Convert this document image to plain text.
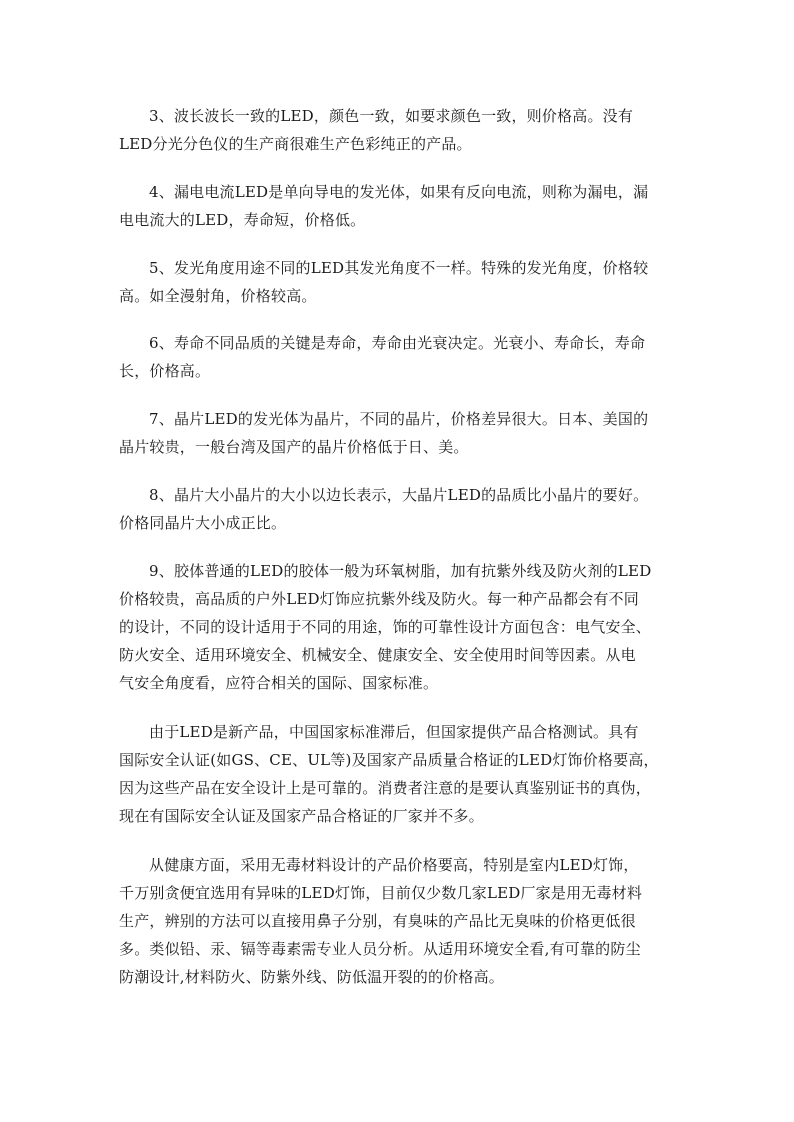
3、波长波长一致的LED，颜色一致，如要求颜色一致，则价格高。没有
LED分光分色仪的生产商很难生产色彩纯正的产品。
4、漏电电流LED是单向导电的发光体，如果有反向电流，则称为漏电，漏
电电流大的LED，寿命短，价格低。
5、发光角度用途不同的LED其发光角度不一样。特殊的发光角度，价格较
高。如全漫射角，价格较高。
6、寿命不同品质的关键是寿命，寿命由光衰决定。光衰小、寿命长，寿命
长，价格高。
7、晶片LED的发光体为晶片，不同的晶片，价格差异很大。日本、美国的
晶片较贵，一般台湾及国产的晶片价格低于日、美。
8、晶片大小晶片的大小以边长表示，大晶片LED的品质比小晶片的要好。
价格同晶片大小成正比。
9、胶体普通的LED的胶体一般为环氧树脂，加有抗紫外线及防火剂的LED
价格较贵，高品质的户外LED灯饰应抗紫外线及防火。每一种产品都会有不同
的设计，不同的设计适用于不同的用途，饰的可靠性设计方面包含：电气安全、
防火安全、适用环境安全、机械安全、健康安全、安全使用时间等因素。从电
气安全角度看，应符合相关的国际、国家标准。
由于LED是新产品，中国国家标准滞后，但国家提供产品合格测试。具有
国际安全认证(如GS、CE、UL等)及国家产品质量合格证的LED灯饰价格要高，
因为这些产品在安全设计上是可靠的。消费者注意的是要认真鉴别证书的真伪，
现在有国际安全认证及国家产品合格证的厂家并不多。
从健康方面，采用无毒材料设计的产品价格要高，特别是室内LED灯饰，
千万别贪便宜选用有异味的LED灯饰，目前仅少数几家LED厂家是用无毒材料
生产，辨别的方法可以直接用鼻子分别，有臭味的产品比无臭味的价格更低很
多。类似铅、汞、镉等毒素需专业人员分析。从适用环境安全看,有可靠的防尘
防潮设计,材料防火、防紫外线、防低温开裂的的价格高。
